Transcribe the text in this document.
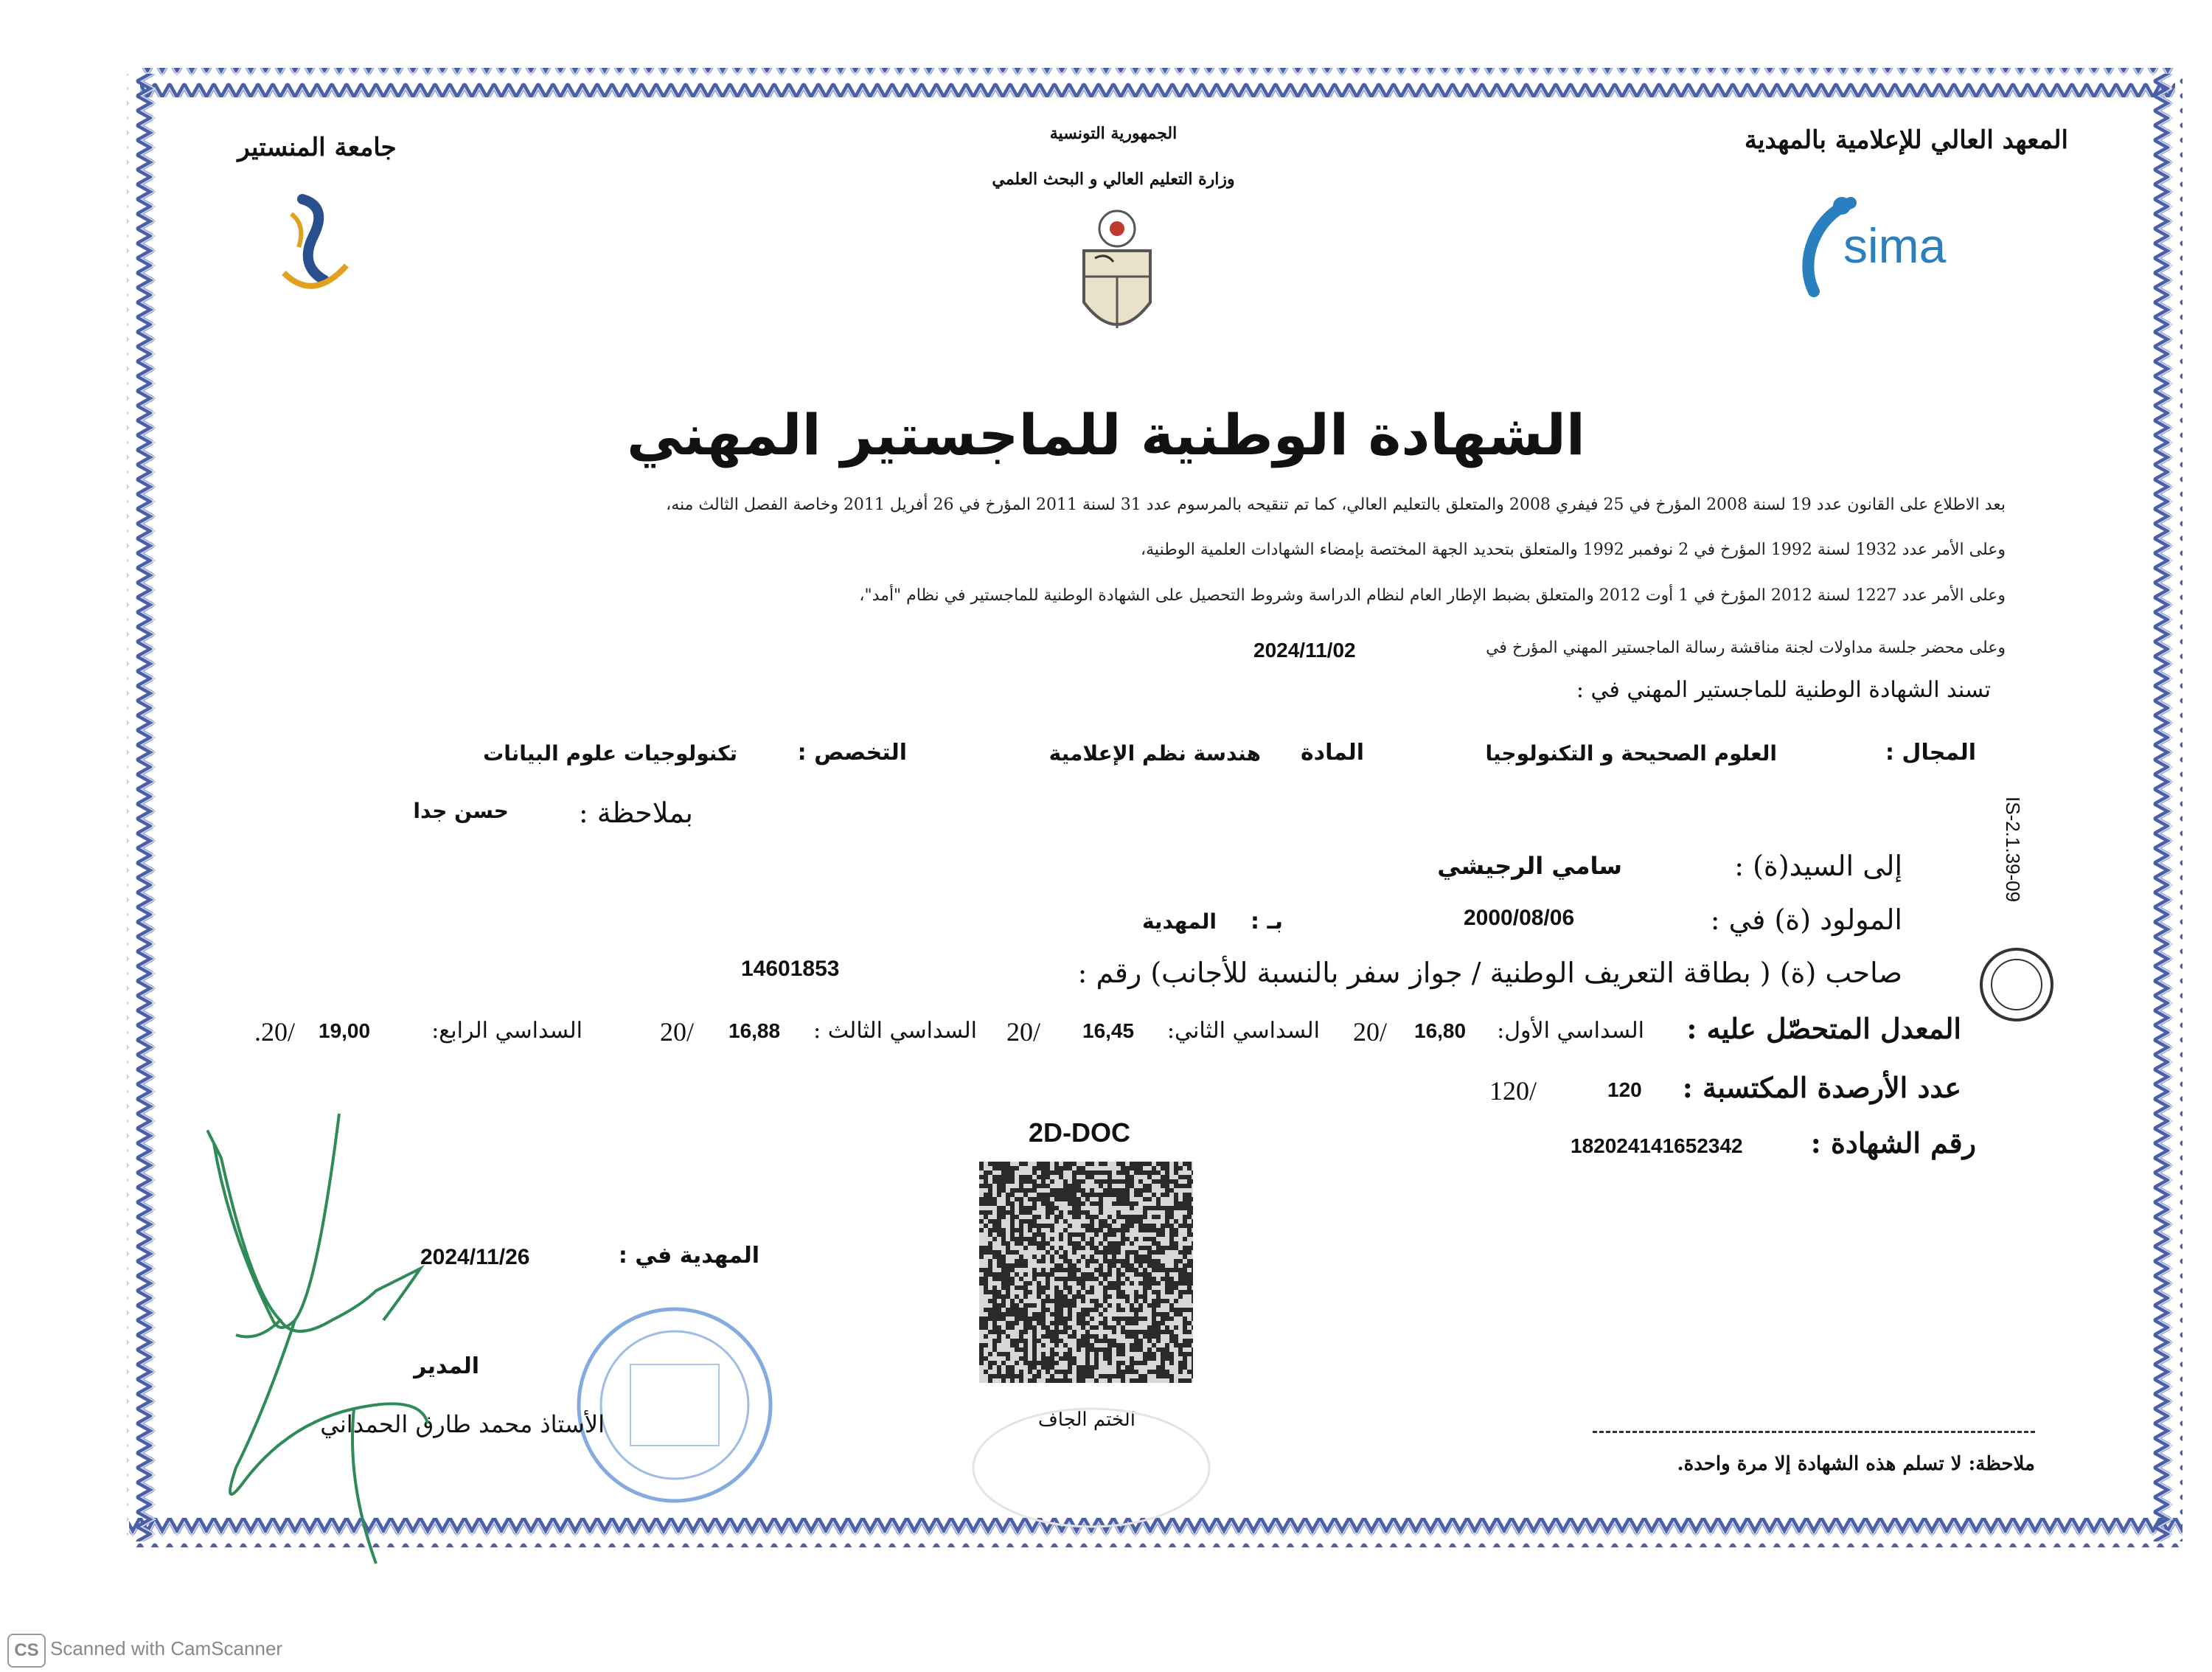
المعهد العالي للإعلامية بالمهدية
sima
الجمهورية التونسية
وزارة التعليم العالي و البحث العلمي
جامعة المنستير
الشهادة الوطنية للماجستير المهني
بعد الاطلاع على القانون عدد 19 لسنة 2008 المؤرخ في 25 فيفري 2008 والمتعلق بالتعليم العالي، كما تم تنقيحه بالمرسوم عدد 31 لسنة 2011 المؤرخ في 26 أفريل 2011 وخاصة الفصل الثالث منه،
وعلى الأمر عدد 1932 لسنة 1992 المؤرخ في 2 نوفمبر 1992 والمتعلق بتحديد الجهة المختصة بإمضاء الشهادات العلمية الوطنية،
وعلى الأمر عدد 1227 لسنة 2012 المؤرخ في 1 أوت 2012 والمتعلق بضبط الإطار العام لنظام الدراسة وشروط التحصيل على الشهادة الوطنية للماجستير في نظام "أمد"،
وعلى محضر جلسة مداولات لجنة مناقشة رسالة الماجستير المهني المؤرخ في
2024/11/02
تسند الشهادة الوطنية للماجستير المهني في :
المجال :
العلوم الصحيحة و التكنولوجيا
المادة
هندسة نظم الإعلامية
التخصص :
تكنولوجيات علوم البيانات
بملاحظة :
حسن جدا
إلى السيد(ة) :
سامي الرجيشي
المولود (ة) في :
2000/08/06
بـ :
المهدية
صاحب (ة) ( بطاقة التعريف الوطنية / جواز سفر بالنسبة للأجانب) رقم :
14601853
المعدل المتحصّل عليه :
السداسي الأول:
16,80
20/
السداسي الثاني:
16,45
20/
السداسي الثالث :
16,88
20/
السداسي الرابع:
19,00
.20/
عدد الأرصدة المكتسبة :
120
120/
رقم الشهادة :
182024141652342
IS-2.1.39-09
2D-DOC
الختم الجاف
المهدية في :
2024/11/26
المدير
الأستاذ محمد طارق الحمداني
ملاحظة: لا تسلم هذه الشهادة إلا مرة واحدة.
CS Scanned with CamScanner
